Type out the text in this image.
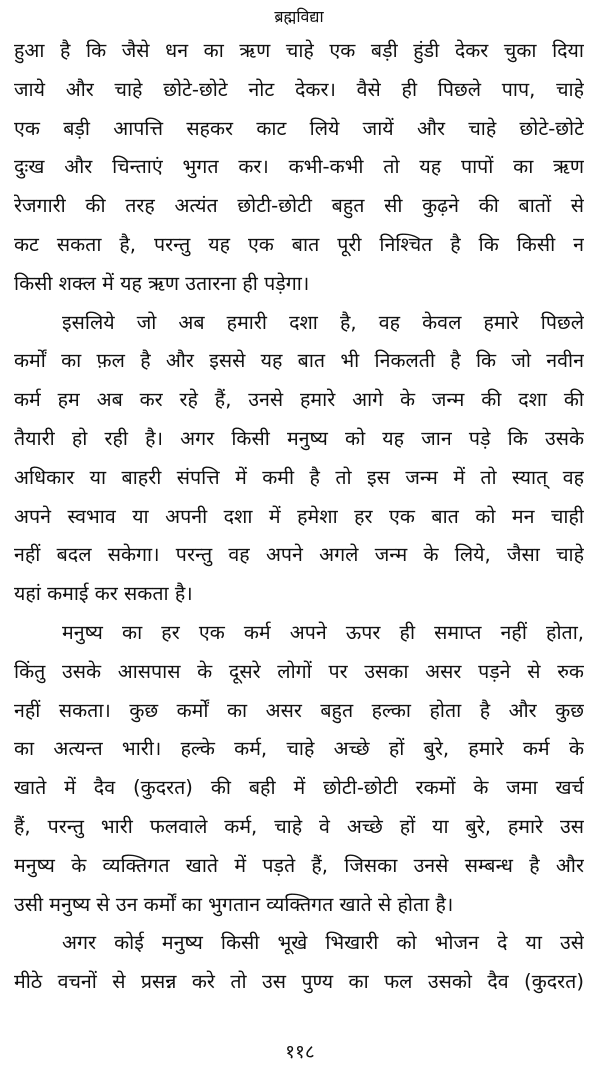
ब्रह्मविद्या
हुआ है कि जैसे धन का ऋण चाहे एक बड़ी हुंडी देकर चुका दिया
जाये और चाहे छोटे-छोटे नोट देकर। वैसे ही पिछले पाप, चाहे
एक बड़ी आपत्ति सहकर काट लिये जायें और चाहे छोटे-छोटे
दुःख और चिन्ताएं भुगत कर। कभी-कभी तो यह पापों का ऋण
रेजगारी की तरह अत्यंत छोटी-छोटी बहुत सी कुढ़ने की बातों से
कट सकता है, परन्तु यह एक बात पूरी निश्चित है कि किसी न
किसी शक्ल में यह ऋण उतारना ही पड़ेगा।
इसलिये जो अब हमारी दशा है, वह केवल हमारे पिछले
कर्मों का फ़ल है और इससे यह बात भी निकलती है कि जो नवीन
कर्म हम अब कर रहे हैं, उनसे हमारे आगे के जन्म की दशा की
तैयारी हो रही है। अगर किसी मनुष्य को यह जान पड़े कि उसके
अधिकार या बाहरी संपत्ति में कमी है तो इस जन्म में तो स्यात् वह
अपने स्वभाव या अपनी दशा में हमेशा हर एक बात को मन चाही
नहीं बदल सकेगा। परन्तु वह अपने अगले जन्म के लिये, जैसा चाहे
यहां कमाई कर सकता है।
मनुष्य का हर एक कर्म अपने ऊपर ही समाप्त नहीं होता,
किंतु उसके आसपास के दूसरे लोगों पर उसका असर पड़ने से रुक
नहीं सकता। कुछ कर्मों का असर बहुत हल्का होता है और कुछ
का अत्यन्त भारी। हल्के कर्म, चाहे अच्छे हों बुरे, हमारे कर्म के
खाते में दैव (कुदरत) की बही में छोटी-छोटी रकमों के जमा खर्च
हैं, परन्तु भारी फलवाले कर्म, चाहे वे अच्छे हों या बुरे, हमारे उस
मनुष्य के व्यक्तिगत खाते में पड़ते हैं, जिसका उनसे सम्बन्ध है और
उसी मनुष्य से उन कर्मों का भुगतान व्यक्तिगत खाते से होता है।
अगर कोई मनुष्य किसी भूखे भिखारी को भोजन दे या उसे
मीठे वचनों से प्रसन्न करे तो उस पुण्य का फल उसको दैव (कुदरत)
११८
